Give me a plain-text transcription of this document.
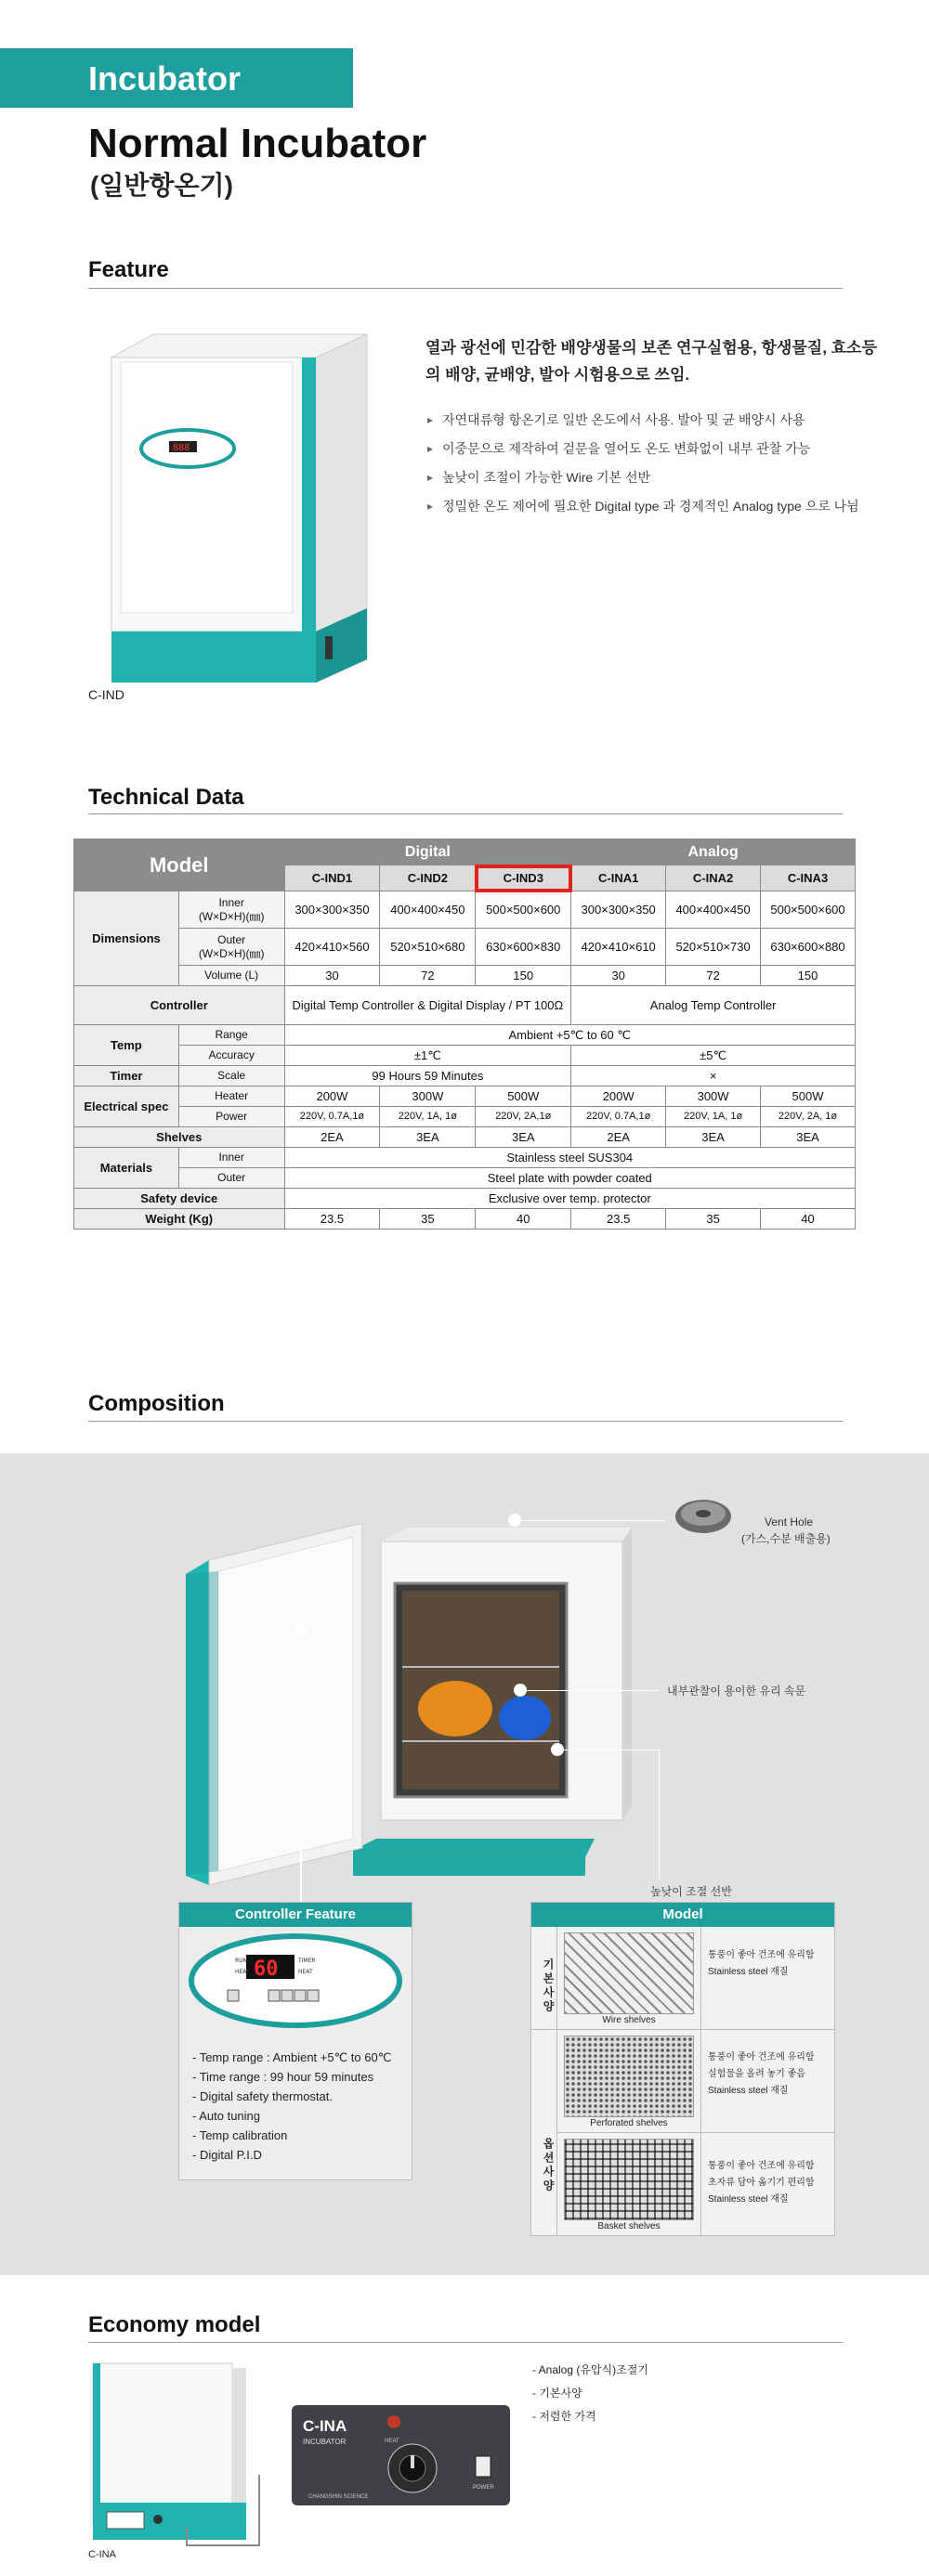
Incubator
Normal Incubator
(일반항온기)
Feature
888
C-IND
열과 광선에 민감한 배양생물의 보존 연구실험용, 항생물질, 효소등의 배양, 균배양, 발아 시험용으로 쓰임.
▸ 자연대류형 항온기로 일반 온도에서 사용. 발아 및 균 배양시 사용
▸ 이중문으로 제작하여 겉문을 열어도 온도 변화없이 내부 관찰 가능
▸ 높낮이 조절이 가능한 Wire 기본 선반
▸ 정밀한 온도 제어에 필요한 Digital type 과 경제적인 Analog type 으로 나뉨
Technical Data
Model		Digital			Analog		
		C-IND1	C-IND2	C-IND3	C-INA1	C-INA2	C-INA3
Dimensions	Inner
(W×D×H)(㎜)	300×300×350	400×400×450	500×500×600	300×300×350	400×400×450	500×500×600
	Outer
(W×D×H)(㎜)	420×410×560	520×510×680	630×600×830	420×410×610	520×510×730	630×600×880
	Volume (L)	30	72	150	30	72	150
Controller		Digital Temp Controller & Digital Display / PT 100Ω			Analog Temp Controller		
Temp	Range	Ambient +5℃ to 60 ℃					
	Accuracy	±1℃			±5℃		
Timer	Scale	99 Hours 59 Minutes			×		
Electrical spec	Heater	200W	300W	500W	200W	300W	500W
	Power	220V, 0.7A,1ø	220V, 1A, 1ø	220V, 2A,1ø	220V, 0.7A,1ø	220V, 1A, 1ø	220V, 2A, 1ø
Shelves		2EA	3EA	3EA	2EA	3EA	3EA
Materials	Inner	Stainless steel SUS304					
	Outer	Steel plate with powder coated					
Safety device		Exclusive over temp. protector					
Weight (Kg)		23.5	35	40	23.5	35	40
Composition
Vent Hole
(가스,수분 배출용)
내부관찰이 용이한 유리 속문
높낮이 조절 선반
Controller Feature
RUN
HEAT
TIMER
HEAT
60
- Temp range : Ambient +5℃ to 60℃
- Time range : 99 hour 59 minutes
- Digital safety thermostat.
- Auto tuning
- Temp calibration
- Digital P.I.D
Model
기본사양
옵션사양
Wire shelves
통풍이 좋아 건조에 유리함
Stainless steel 재질
Perforated shelves
통풍이 좋아 건조에 유리함
실험물을 올려 놓기 좋음
Stainless steel 재질
Basket shelves
통풍이 좋아 건조에 유리함
초자류 담아 옮기기 편리함
Stainless steel 재질
Economy model
C-INA
C-INA
INCUBATOR
CHANGSHIN SCIENCE
HEAT
POWER
- Analog (유압식)조절기
- 기본사양
- 저렴한 가격
